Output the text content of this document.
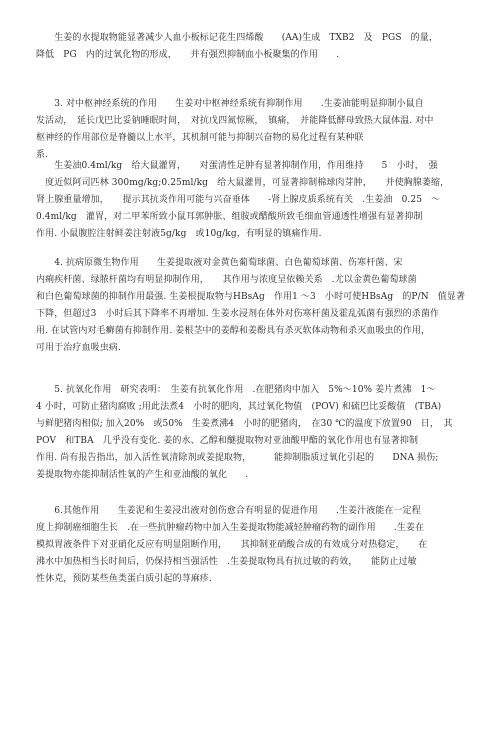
　　生姜的水提取物能显著减少人血小板标记花生四烯酸　　(AA)生成　TXB2　及　PGS　的量，
降低　PG　内的过氧化物的形成，　　并有强烈抑制血小板聚集的作用　　.
　　3. 对中枢神经系统的作用　　生姜对中枢神经系统有抑制作用　　.生姜油能明显抑制小鼠自
发活动，　延长戊巴比妥钠睡眠时间，　对抗戊四氮惊厥，　镇痛，　并能降低酵母致热大鼠体温. 对中
枢神经的作用部位是脊髓以上水平，其机制可能与抑制兴奋物的易化过程有某种联
系.
　　生姜油0.4ml/kg　给大鼠灌胃，　　对蛋清性足肿有显著抑制作用，作用维持　　5　小时，　强
　度近似阿司匹林 300mg/kg;0.25ml/kg　给大鼠灌胃，可显著抑制棉球肉芽肿，　　并使胸腺萎缩，
肾上腺重量增加，　　提示其抗炎作用可能与兴奋垂体　　-肾上腺皮质系统有关　.生姜油　0.25　～
0.4ml/kg　灌胃，对二甲苯所致小鼠耳郭肿胀、组胺或醋酸所致毛细血管通透性增强有显著抑制
作用. 小鼠腹腔注射鲜姜注射液5g/kg　或10g/kg，有明显的镇痛作用.
　　4. 抗病原微生物作用　　生姜提取液对金黄色葡萄球菌、白色葡萄球菌、伤寒杆菌、宋
内痢疾杆菌、绿脓杆菌均有明显抑制作用，　　其作用与浓度呈依赖关系　.尤以金黄色葡萄球菌
和白色葡萄球菌的抑制作用最强. 生姜根提取物与HBsAg　作用1 ～3　小时可使HBsAg　的P/N　值显著
下降，但超过3　小时后其下降率不再增加. 生姜水浸剂在体外对伤寒杆菌及霍乱弧菌有强烈的杀菌作
用. 在试管内对毛癣菌有抑制作用. 姜根茎中的姜醇和姜酚具有杀灭软体动物和杀灭血吸虫的作用，
可用于治疗血吸虫病.
　　5. 抗氧化作用　研究表明：　生姜有抗氧化作用　.在肥猪肉中加入　5%～10% 姜片煮沸　1～
4 小时，可防止猪肉腐败 ;用此法煮4　小时的肥肉，其过氧化物值　(POV) 和硫巴比妥酸值　(TBA)
与鲜肥猪肉相似; 加入20%　或50%　生姜煮沸4　小时的肥猪肉，　在30 ℃的温度下放置90　日，　其
POV　和TBA　几乎没有变化. 姜的水、乙醇和醚提取物对亚油酸甲酯的氧化作用也有显著抑制
作用. 尚有报告指出，加入活性氧清除剂或姜提取物，　　　能抑制脂质过氧化引起的　　DNA 损伤;
姜提取物亦能抑制活性氧的产生和亚油酸的氧化　　.
　　6.其他作用　　生姜泥和生姜浸出液对创伤愈合有明显的促进作用　　.生姜汁液能在一定程
度上抑制癌细胞生长　.在一些抗肿瘤药物中加入生姜提取物能减轻肿瘤药物的副作用　　.生姜在
模拟胃液条件下对亚硝化反应有明显阻断作用，　　其抑制亚硝酸合成的有效成分对热稳定，　　在
沸水中加热相当长时间后，仍保持相当强活性　.生姜提取物具有抗过敏的药效，　　能防止过敏
性休克，预防某些鱼类蛋白质引起的荨麻疹.
